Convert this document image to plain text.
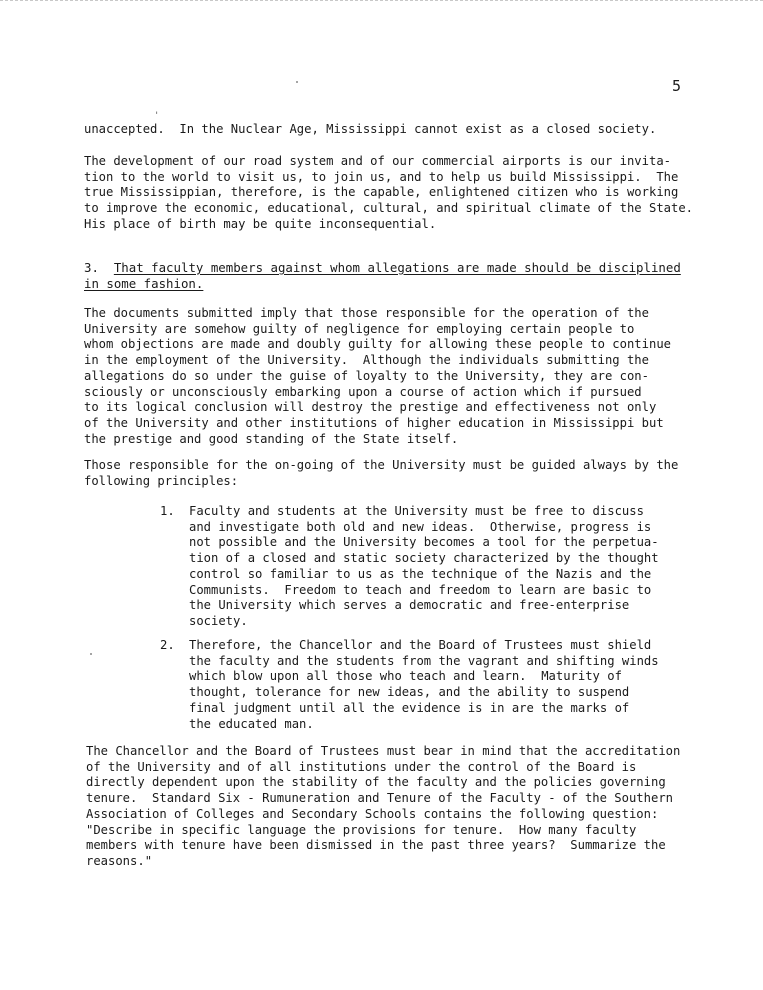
5
'
unaccepted.  In the Nuclear Age, Mississippi cannot exist as a closed society.
The development of our road system and of our commercial airports is our invita-
tion to the world to visit us, to join us, and to help us build Mississippi.  The
true Mississippian, therefore, is the capable, enlightened citizen who is working
to improve the economic, educational, cultural, and spiritual climate of the State.
His place of birth may be quite inconsequential.
3. That faculty members against whom allegations are made should be disciplined
in some fashion.
The documents submitted imply that those responsible for the operation of the
University are somehow guilty of negligence for employing certain people to
whom objections are made and doubly guilty for allowing these people to continue
in the employment of the University.  Although the individuals submitting the
allegations do so under the guise of loyalty to the University, they are con-
sciously or unconsciously embarking upon a course of action which if pursued
to its logical conclusion will destroy the prestige and effectiveness not only
of the University and other institutions of higher education in Mississippi but
the prestige and good standing of the State itself.
Those responsible for the on-going of the University must be guided always by the
following principles:
1. Faculty and students at the University must be free to discuss
and investigate both old and new ideas.  Otherwise, progress is
not possible and the University becomes a tool for the perpetua-
tion of a closed and static society characterized by the thought
control so familiar to us as the technique of the Nazis and the
Communists.  Freedom to teach and freedom to learn are basic to
the University which serves a democratic and free-enterprise
society.
2. Therefore, the Chancellor and the Board of Trustees must shield
the faculty and the students from the vagrant and shifting winds
which blow upon all those who teach and learn.  Maturity of
thought, tolerance for new ideas, and the ability to suspend
final judgment until all the evidence is in are the marks of
the educated man.
The Chancellor and the Board of Trustees must bear in mind that the accreditation
of the University and of all institutions under the control of the Board is
directly dependent upon the stability of the faculty and the policies governing
tenure.  Standard Six - Rumuneration and Tenure of the Faculty - of the Southern
Association of Colleges and Secondary Schools contains the following question:
"Describe in specific language the provisions for tenure.  How many faculty
members with tenure have been dismissed in the past three years?  Summarize the
reasons."
